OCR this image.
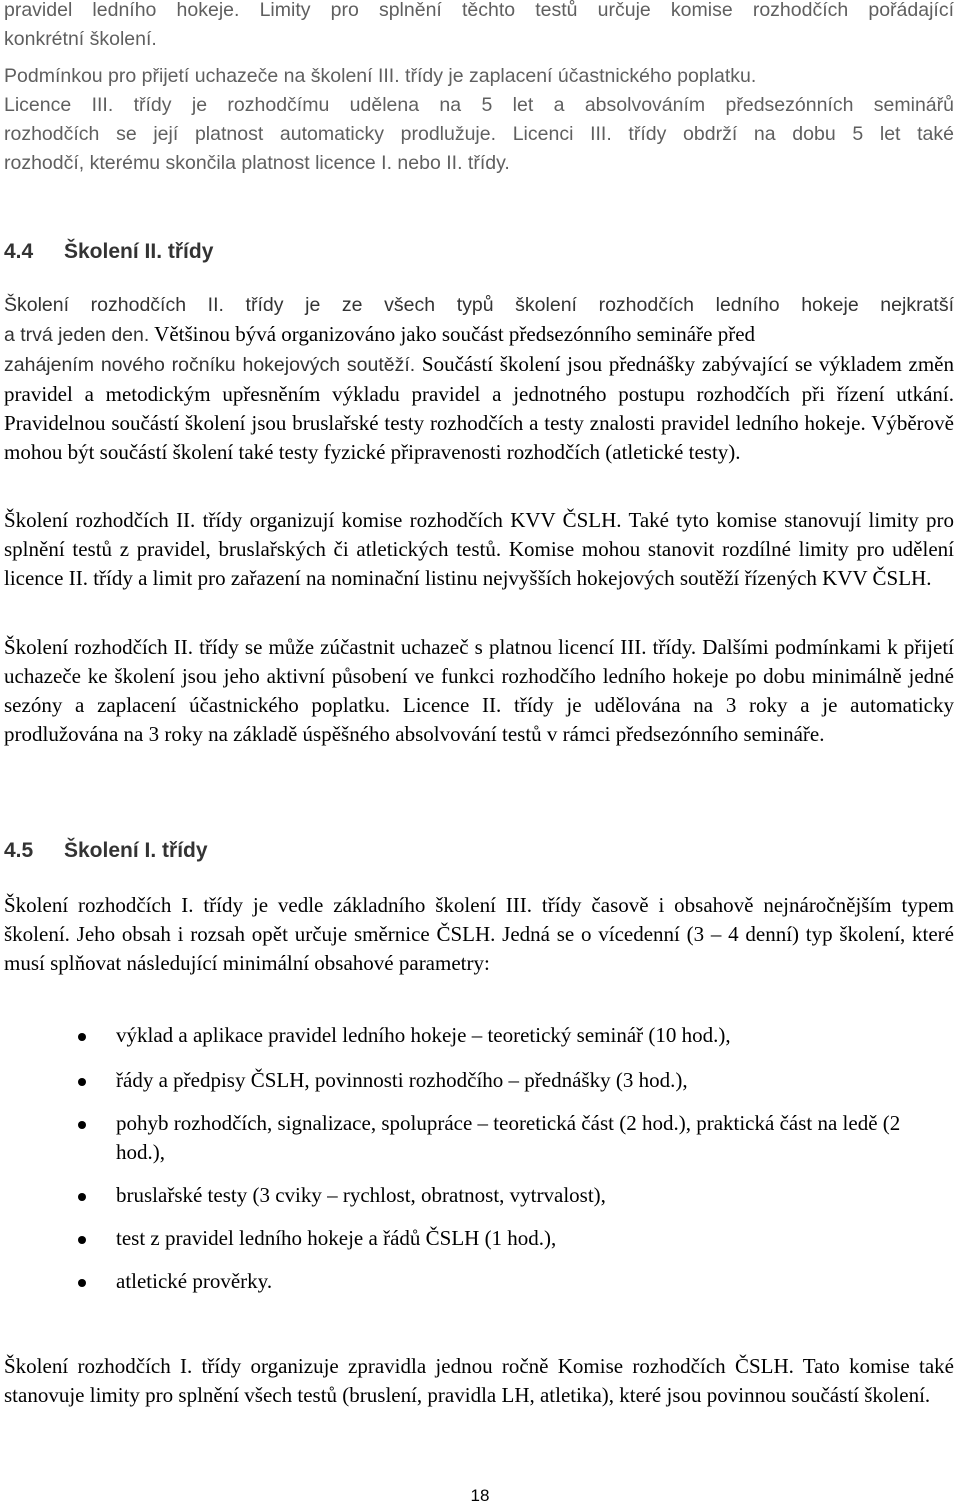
pravidel ledního hokeje. Limity pro splnění těchto testů určuje komise rozhodčích pořádající
konkrétní školení.
Podmínkou pro přijetí uchazeče na školení III. třídy je zaplacení účastnického poplatku.
Licence III. třídy je rozhodčímu udělena na 5 let a absolvováním předsezónních seminářů
rozhodčích se její platnost automaticky prodlužuje. Licenci III. třídy obdrží na dobu 5 let také
rozhodčí, kterému skončila platnost licence I. nebo II. třídy.
4.4 Školení II. třídy
Školení rozhodčích II. třídy je ze všech typů školení rozhodčích ledního hokeje nejkratší
a trvá jeden den. Většinou bývá organizováno jako součást předsezónního semináře před
zahájením nového ročníku hokejových soutěží. Součástí školení jsou přednášky zabývající se výkladem změn pravidel a metodickým upřesněním výkladu pravidel a jednotného postupu rozhodčích při řízení utkání. Pravidelnou součástí školení jsou bruslařské testy rozhodčích a testy znalosti pravidel ledního hokeje. Výběrově mohou být součástí školení také testy fyzické připravenosti rozhodčích (atletické testy).

Školení rozhodčích II. třídy organizují komise rozhodčích KVV ČSLH. Také tyto komise stanovují limity pro splnění testů z pravidel, bruslařských či atletických testů. Komise mohou stanovit rozdílné limity pro udělení licence II. třídy a limit pro zařazení na nominační listinu nejvyšších hokejových soutěží řízených KVV ČSLH.

Školení rozhodčích II. třídy se může zúčastnit uchazeč s platnou licencí III. třídy. Dalšími podmínkami k přijetí uchazeče ke školení jsou jeho aktivní působení ve funkci rozhodčího ledního hokeje po dobu minimálně jedné sezóny a zaplacení účastnického poplatku. Licence II. třídy je udělována na 3 roky a je automaticky prodlužována na 3 roky na základě úspěšného absolvování testů v rámci předsezónního semináře.

4.5 Školení I. třídy

Školení rozhodčích I. třídy je vedle základního školení III. třídy časově i obsahově nejnáročnějším typem školení. Jeho obsah i rozsah opět určuje směrnice ČSLH. Jedná se o vícedenní (3 – 4 denní) typ školení, které musí splňovat následující minimální obsahové parametry:

výklad a aplikace pravidel ledního hokeje – teoretický seminář (10 hod.),
řády a předpisy ČSLH, povinnosti rozhodčího – přednášky (3 hod.),
pohyb rozhodčích, signalizace, spolupráce – teoretická část (2 hod.), praktická část na ledě (2 hod.),
bruslařské testy (3 cviky – rychlost, obratnost, vytrvalost),
test z pravidel ledního hokeje a řádů ČSLH (1 hod.),
atletické prověrky.

Školení rozhodčích I. třídy organizuje zpravidla jednou ročně Komise rozhodčích ČSLH. Tato komise také stanovuje limity pro splnění všech testů (bruslení, pravidla LH, atletika), které jsou povinnou součástí školení.

18
